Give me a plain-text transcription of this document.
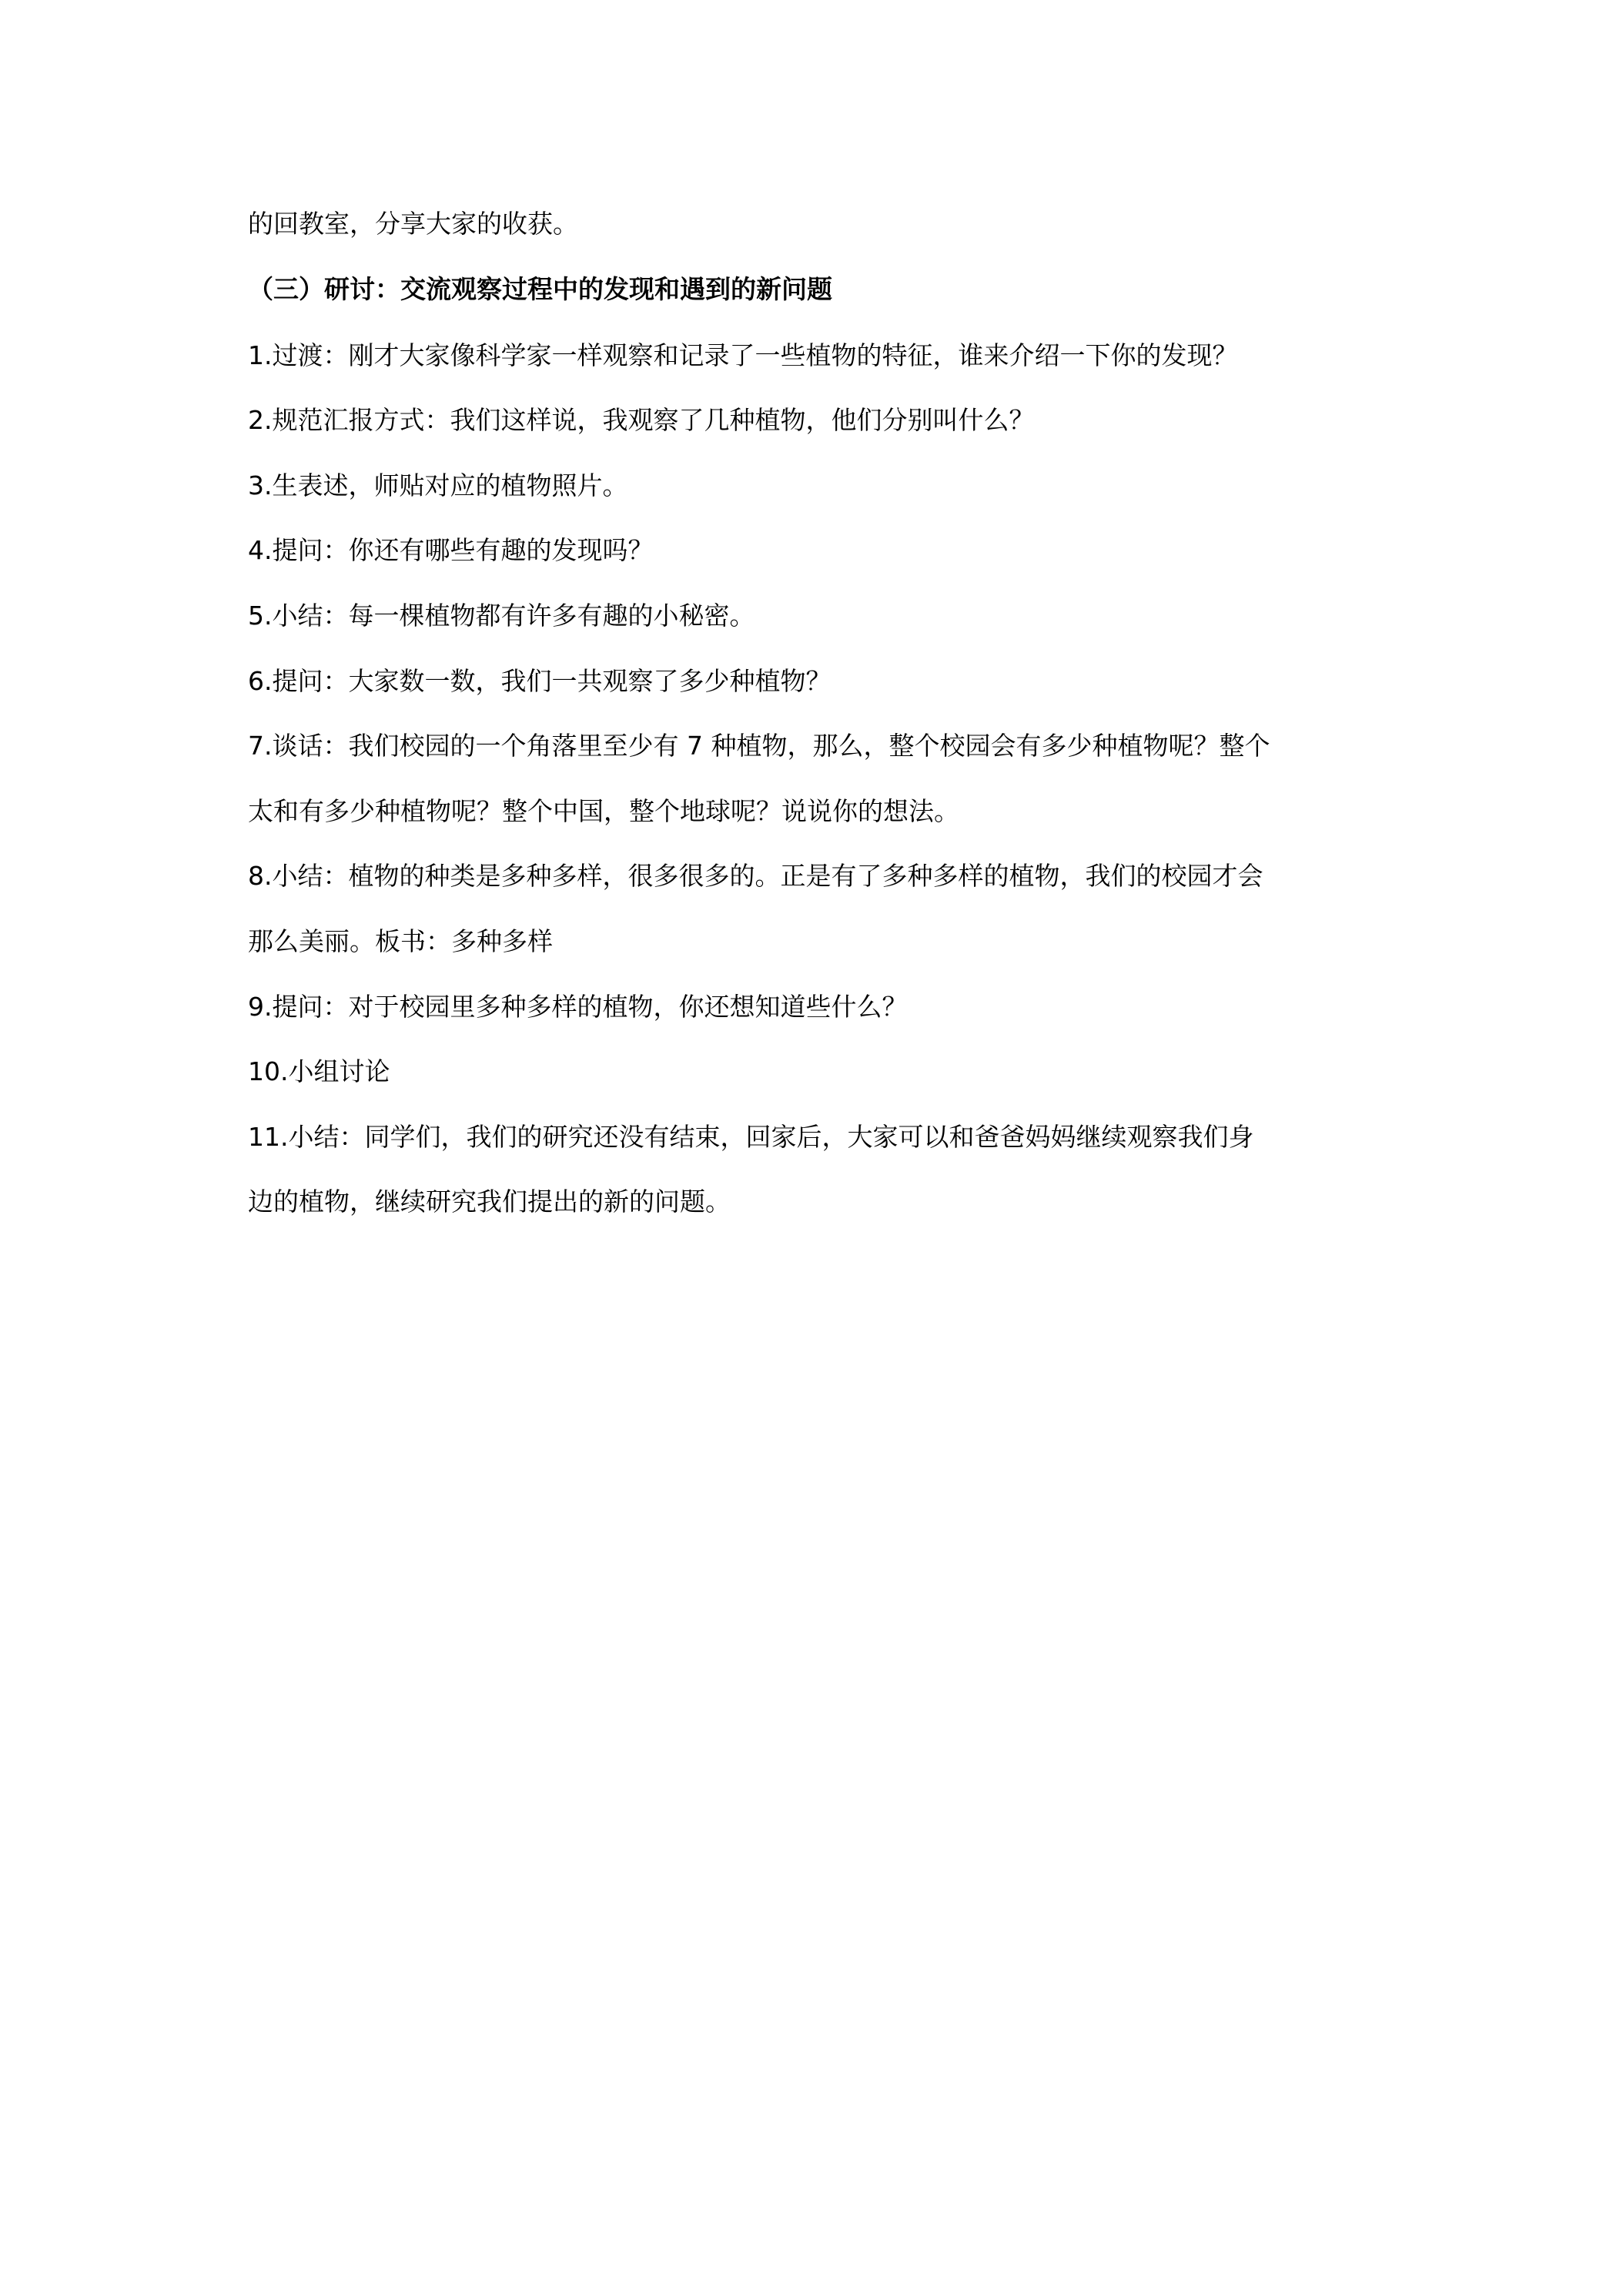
的回教室，分享大家的收获。

（三）研讨：交流观察过程中的发现和遇到的新问题

1.过渡：刚才大家像科学家一样观察和记录了一些植物的特征，谁来介绍一下你的发现？

2.规范汇报方式：我们这样说，我观察了几种植物，他们分别叫什么？

3.生表述，师贴对应的植物照片。

4.提问：你还有哪些有趣的发现吗？

5.小结：每一棵植物都有许多有趣的小秘密。

6.提问：大家数一数，我们一共观察了多少种植物？

7.谈话：我们校园的一个角落里至少有 7 种植物，那么，整个校园会有多少种植物呢？整个

太和有多少种植物呢？整个中国，整个地球呢？说说你的想法。

8.小结：植物的种类是多种多样，很多很多的。正是有了多种多样的植物，我们的校园才会

那么美丽。板书：多种多样

9.提问：对于校园里多种多样的植物，你还想知道些什么？

10.小组讨论

11.小结：同学们，我们的研究还没有结束，回家后，大家可以和爸爸妈妈继续观察我们身

边的植物，继续研究我们提出的新的问题。
